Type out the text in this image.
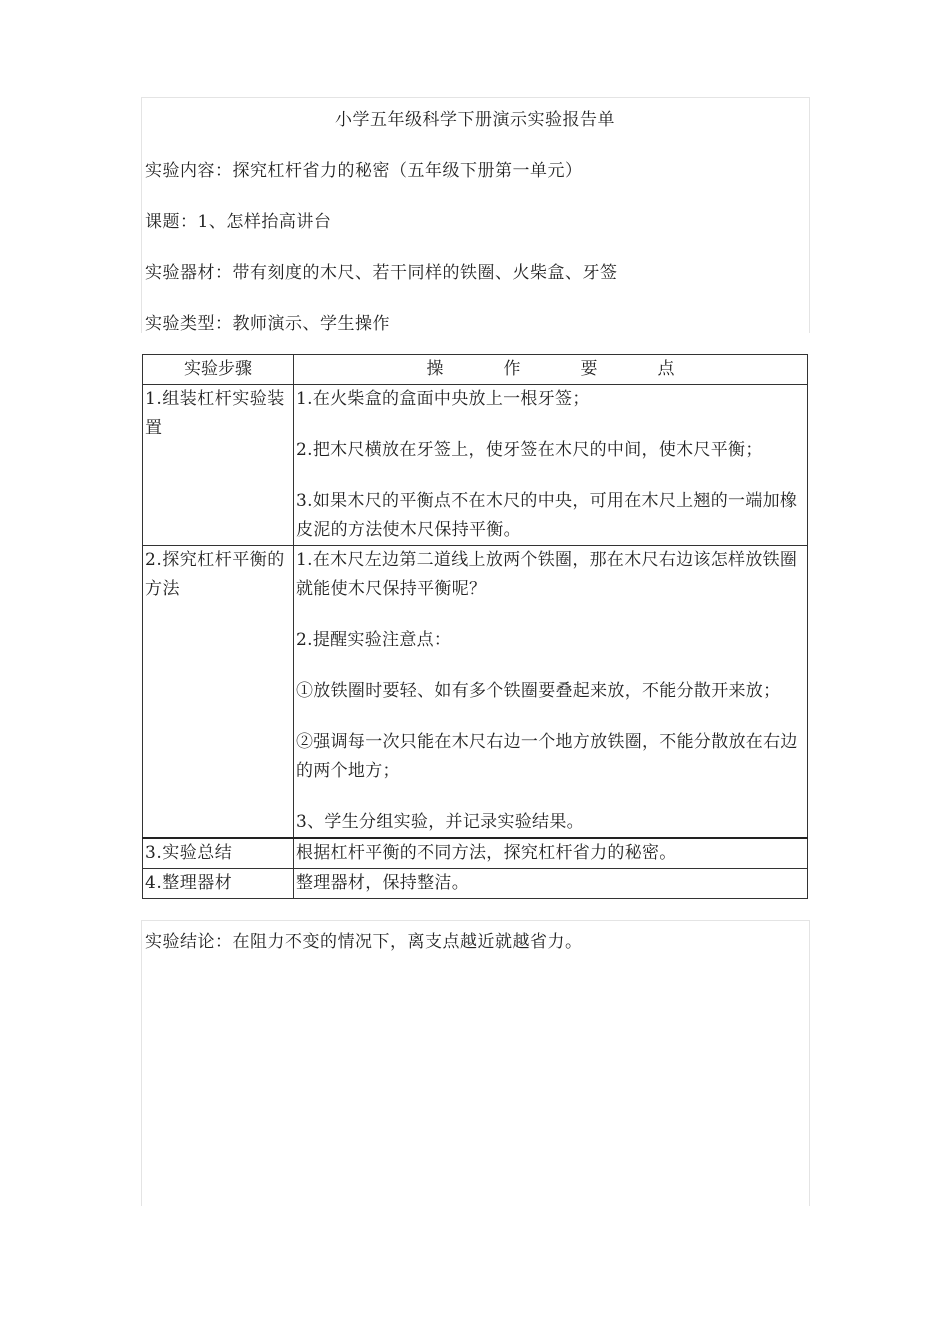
小学五年级科学下册演示实验报告单
实验内容：探究杠杆省力的秘密（五年级下册第一单元）
课题：1、怎样抬高讲台
实验器材：带有刻度的木尺、若干同样的铁圈、火柴盒、牙签
实验类型：教师演示、学生操作
实验步骤	操 作 要 点
1.组装杠杆实验装置	1.在火柴盒的盒面中央放上一根牙签；

2.把木尺横放在牙签上，使牙签在木尺的中间，使木尺平衡；

3.如果木尺的平衡点不在木尺的中央，可用在木尺上翘的一端加橡皮泥的方法使木尺保持平衡。

2.探究杠杆平衡的方法	1.在木尺左边第二道线上放两个铁圈，那在木尺右边该怎样放铁圈就能使木尺保持平衡呢？

2.提醒实验注意点：

①放铁圈时要轻、如有多个铁圈要叠起来放，不能分散开来放；

②强调每一次只能在木尺右边一个地方放铁圈，不能分散放在右边的两个地方；

3、学生分组实验，并记录实验结果。

3.实验总结	根据杠杆平衡的不同方法，探究杠杆省力的秘密。

4.整理器材	整理器材，保持整洁。

实验结论：在阻力不变的情况下，离支点越近就越省力。
